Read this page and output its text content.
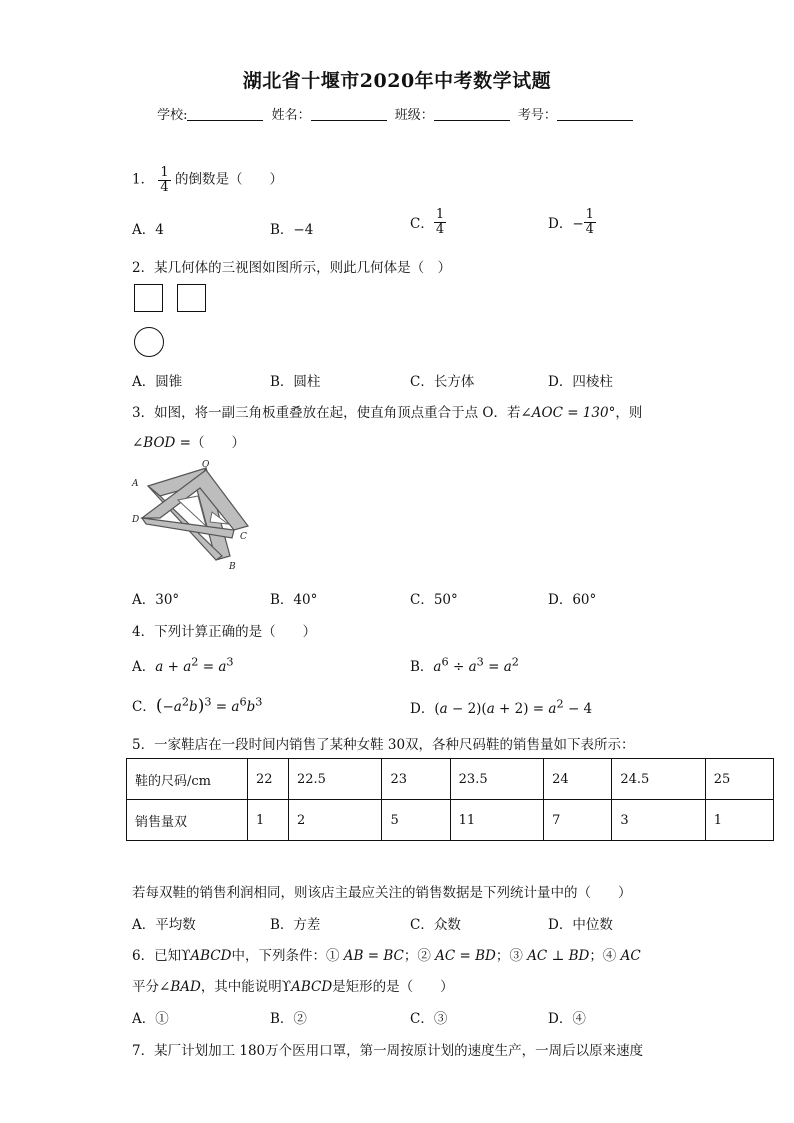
湖北省十堰市2020年中考数学试题
学校:	姓名：	班级：	考号：
1． $\frac{1}{4}$ 的倒数是（　　）
A．4	B．−4	C． $\frac{1}{4}$	D．− $\frac{1}{4}$
2．某几何体的三视图如图所示，则此几何体是（　）
A．圆锥	B．圆柱	C．长方体	D．四棱柱
3．如图，将一副三角板重叠放在起，使直角顶点重合于点 O．若∠AOC = 130°，则
∠BOD =（　　）
O
A
D
C
B
A．30°	B．40°	C．50°	D．60°
4．下列计算正确的是（　　）
A．$a + a^2 = a^3$	B．$a^6 \div a^3 = a^2$
C．$(-a^2b)^3 = a^6b^3$	D．$(a - 2)(a + 2) = a^2 - 4$
5．一家鞋店在一段时间内销售了某种女鞋 30双，各种尺码鞋的销售量如下表所示：
鞋的尺码/cm	22	22.5	23	23.5	24	24.5	25
销售量双	1	2	5	11	7	3	1
若每双鞋的销售利润相同，则该店主最应关注的销售数据是下列统计量中的（　　）
A．平均数	B．方差	C．众数	D．中位数
6．已知ϒABCD中，下列条件：① AB = BC；② AC = BD；③ AC ⊥ BD；④ AC
平分∠BAD，其中能说明ϒABCD是矩形的是（　　）
A．①	B．②	C．③	D．④
7．某厂计划加工 180万个医用口罩，第一周按原计划的速度生产，一周后以原来速度
